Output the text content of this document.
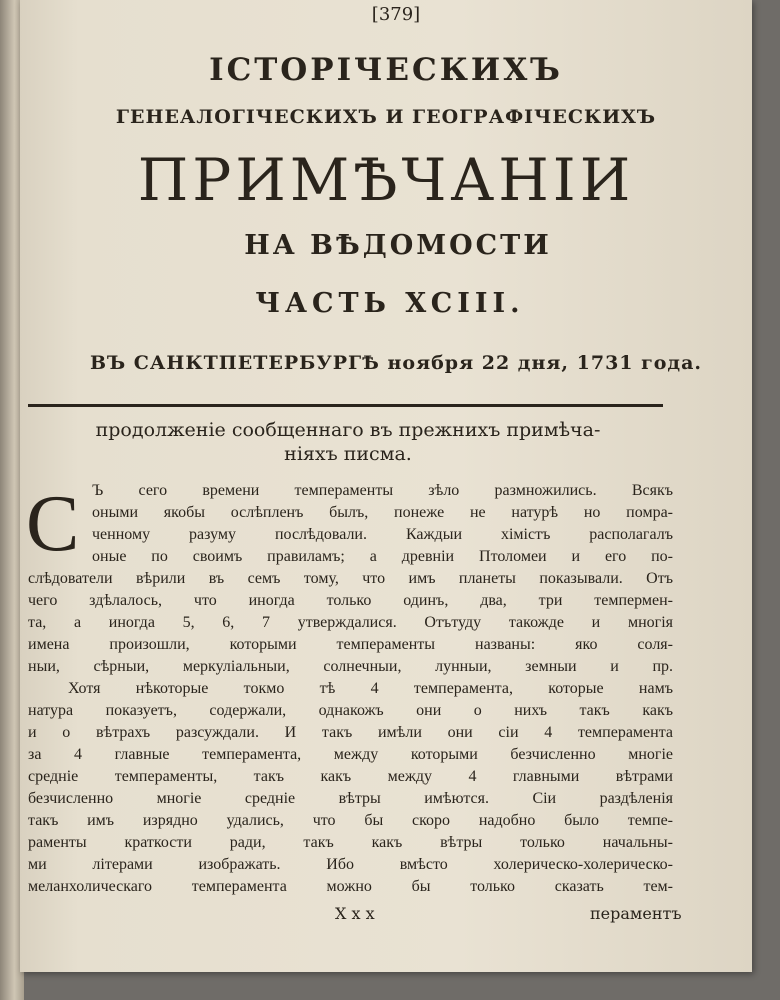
[379]
ІСТОРІЧЕСКИХЪ
ГЕНЕАЛОГІЧЕСКИХЪ И ГЕОГРАФІЧЕСКИХЪ
ПРИМѢЧАНІИ
НА ВѢДОМОСТИ
ЧАСТЬ XCIII.
ВЪ САНКТПЕТЕРБУРГѢ ноября 22 дня, 1731 года.
продолженіе сообщеннаго въ прежнихъ примѣча-
ніяхъ писма.
С Ъ сего времени темпераменты зѣло размножились. Всякъ
оными якобы ослѣпленъ былъ, понеже не натурѣ но помра-
ченному разуму послѣдовали. Каждыи хімістъ располагалъ
оные по своимъ правиламъ; а древніи Птоломеи и его по-
слѣдователи вѣрили въ семъ тому, что имъ планеты показывали. Отъ
чего здѣлалось, что иногда только одинъ, два, три темпермен-
та, а иногда 5, 6, 7 утверждалися. Отътуду такожде и многія
имена произошли, которыми темпераменты названы: яко соля-
ныи, сѣрныи, меркуліальныи, солнечныи, лунныи, земныи и пр.
Хотя нѣкоторые токмо тѣ 4 темперамента, которые намъ
натура показуетъ, содержали, однакожъ они о нихъ такъ какъ
и о вѣтрахъ разсуждали. И такъ имѣли они сіи 4 темперамента
за 4 главные темперамента, между которыми безчисленно многіе
средніе темпераменты, такъ какъ между 4 главными вѣтрами
безчисленно многіе средніе вѣтры имѣются. Сіи раздѣленія
такъ имъ изрядно удались, что бы скоро надобно было темпе-
раменты краткости ради, такъ какъ вѣтры только начальны-
ми літерами изображать. Ибо вмѣсто холерическо-холерическо-
меланхолическаго темперамента можно бы только сказать тем-
X x x	пераментъ
